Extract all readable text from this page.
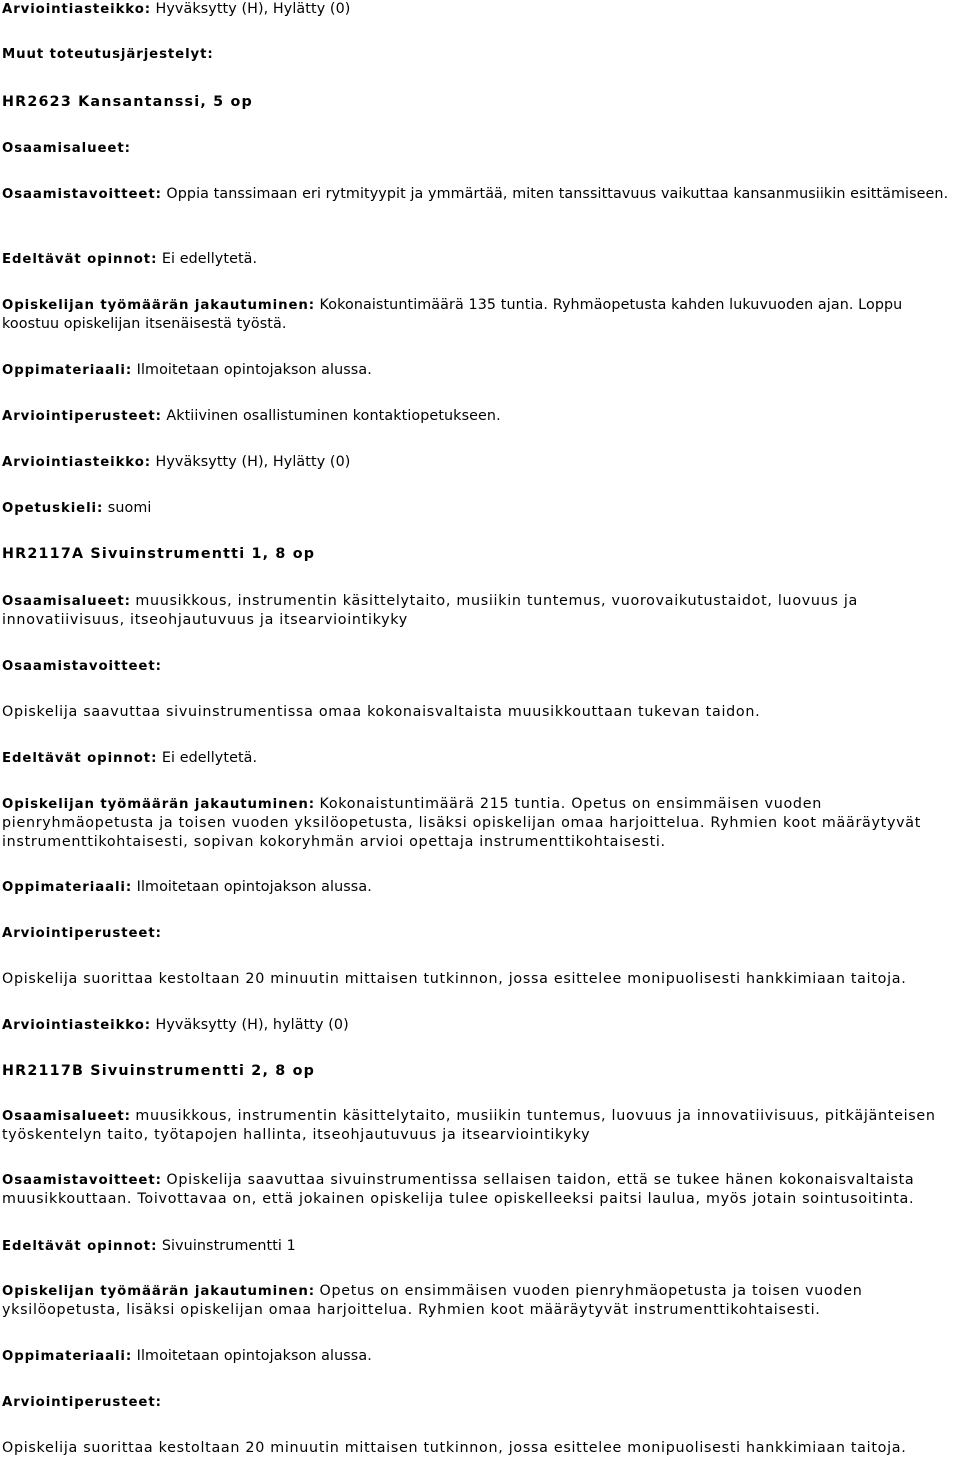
Arviointiasteikko: Hyväksytty (H), Hylätty (0)

Muut toteutusjärjestelyt:

HR2623 Kansantanssi, 5 op

Osaamisalueet:

Osaamistavoitteet: Oppia tanssimaan eri rytmityypit ja ymmärtää, miten tanssittavuus vaikuttaa kansanmusiikin esittämiseen.

Edeltävät opinnot: Ei edellytetä.

Opiskelijan työmäärän jakautuminen: Kokonaistuntimäärä 135 tuntia. Ryhmäopetusta kahden lukuvuoden ajan. Loppu koostuu opiskelijan itsenäisestä työstä.

Oppimateriaali: Ilmoitetaan opintojakson alussa.

Arviointiperusteet: Aktiivinen osallistuminen kontaktiopetukseen.

Arviointiasteikko: Hyväksytty (H), Hylätty (0)

Opetuskieli: suomi

HR2117A Sivuinstrumentti 1, 8 op

Osaamisalueet: muusikkous, instrumentin käsittelytaito, musiikin tuntemus, vuorovaikutustaidot, luovuus ja innovatiivisuus, itseohjautuvuus ja itsearviointikyky

Osaamistavoitteet:

Opiskelija saavuttaa sivuinstrumentissa omaa kokonaisvaltaista muusikkouttaan tukevan taidon.

Edeltävät opinnot: Ei edellytetä.

Opiskelijan työmäärän jakautuminen: Kokonaistuntimäärä 215 tuntia. Opetus on ensimmäisen vuoden pienryhmäopetusta ja toisen vuoden yksilöopetusta, lisäksi opiskelijan omaa harjoittelua. Ryhmien koot määräytyvät instrumenttikohtaisesti, sopivan kokoryhmän arvioi opettaja instrumenttikohtaisesti.

Oppimateriaali: Ilmoitetaan opintojakson alussa.

Arviointiperusteet:

Opiskelija suorittaa kestoltaan 20 minuutin mittaisen tutkinnon, jossa esittelee monipuolisesti hankkimiaan taitoja.

Arviointiasteikko: Hyväksytty (H), hylätty (0)

HR2117B Sivuinstrumentti 2, 8 op

Osaamisalueet: muusikkous, instrumentin käsittelytaito, musiikin tuntemus, luovuus ja innovatiivisuus, pitkäjänteisen työskentelyn taito, työtapojen hallinta, itseohjautuvuus ja itsearviointikyky

Osaamistavoitteet: Opiskelija saavuttaa sivuinstrumentissa sellaisen taidon, että se tukee hänen kokonaisvaltaista muusikkouttaan. Toivottavaa on, että jokainen opiskelija tulee opiskelleeksi paitsi laulua, myös jotain sointusoitinta.

Edeltävät opinnot: Sivuinstrumentti 1

Opiskelijan työmäärän jakautuminen: Opetus on ensimmäisen vuoden pienryhmäopetusta ja toisen vuoden yksilöopetusta, lisäksi opiskelijan omaa harjoittelua. Ryhmien koot määräytyvät instrumenttikohtaisesti.

Oppimateriaali: Ilmoitetaan opintojakson alussa.

Arviointiperusteet:

Opiskelija suorittaa kestoltaan 20 minuutin mittaisen tutkinnon, jossa esittelee monipuolisesti hankkimiaan taitoja.
